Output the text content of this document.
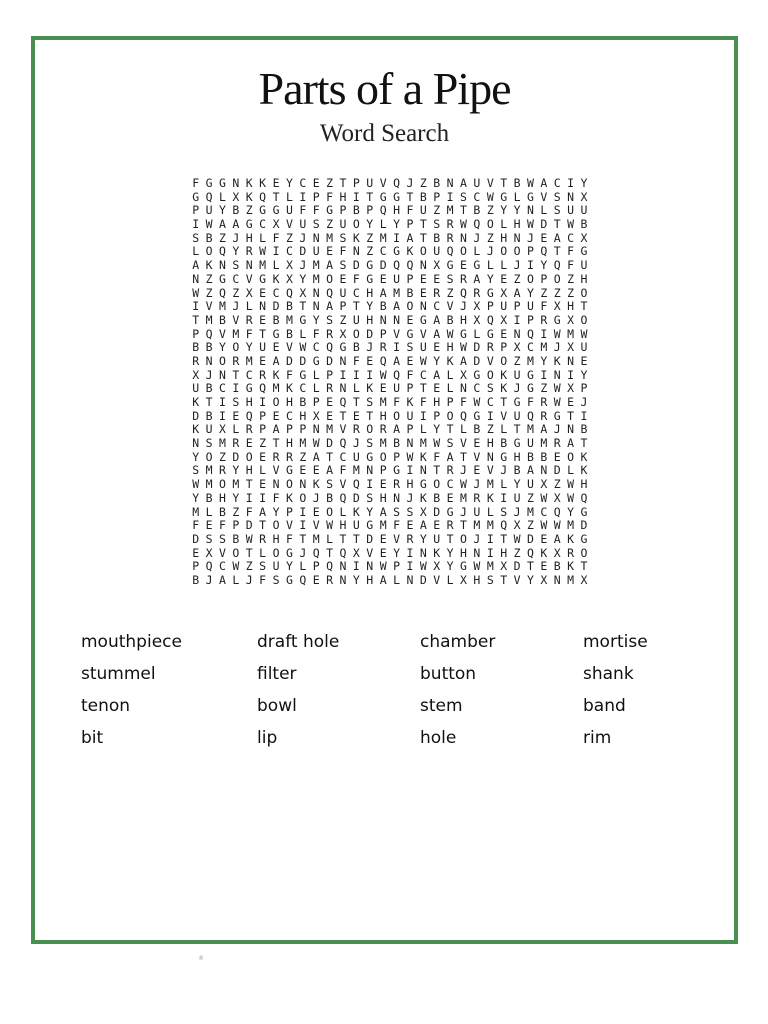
Parts of a Pipe
Word Search
F G G N K K E Y C E Z T P U V Q J Z B N A U V T B W A C I Y
G Q L X K Q T L I P F H I T G G T B P I S C W G L G V S N X
P U Y B Z G G U F F G P B P Q H F U Z M T B Z Y Y N L S U U
I W A A G C X V U S Z U O Y L Y P T S R W Q O L H W D T W B
S B Z J H L F Z J N M S K Z M I A T B R N J Z H N J E A C X
L O Q Y R W I C D U E F N Z C G K O U Q O L J O O P Q T F G
A K N S N M L X J M A S D G D Q Q N X G E G L L J I Y Q F U
N Z G C V G K X Y M O E F G E U P E E S R A Y E Z O P O Z H
W Z Q Z X E C Q X N Q U C H A M B E R Z Q R G X A Y Z Z Z O
I V M J L N D B T N A P T Y B A O N C V J X P U P U F X H T
T M B V R E B M G Y S Z U H N N E G A B H X Q X I P R G X O
P Q V M F T G B L F R X O D P V G V A W G L G E N Q I W M W
B B Y O Y U E V W C Q G B J R I S U E H W D R P X C M J X U
R N O R M E A D D G D N F E Q A E W Y K A D V O Z M Y K N E
X J N T C R K F G L P I I I W Q F C A L X G O K U G I N I Y
U B C I G Q M K C L R N L K E U P T E L N C S K J G Z W X P
K T I S H I O H B P E Q T S M F K F H P F W C T G F R W E J
D B I E Q P E C H X E T E T H O U I P O Q G I V U Q R G T I
K U X L R P A P P N M V R O R A P L Y T L B Z L T M A J N B
N S M R E Z T H M W D Q J S M B N M W S V E H B G U M R A T
Y O Z D O E R R Z A T C U G O P W K F A T V N G H B B E O K
S M R Y H L V G E E A F M N P G I N T R J E V J B A N D L K
W M O M T E N O N K S V Q I E R H G O C W J M L Y U X Z W H
Y B H Y I I F K O J B Q D S H N J K B E M R K I U Z W X W Q
M L B Z F A Y P I E O L K Y A S S X D G J U L S J M C Q Y G
F E F P D T O V I V W H U G M F E A E R T M M Q X Z W W M D
D S S B W R H F T M L T T D E V R Y U T O J I T W D E A K G
E X V O T L O G J Q T Q X V E Y I N K Y H N I H Z Q K X R O
P Q C W Z S U Y L P Q N I N W P I W X Y G W M X D T E B K T
B J A L J F S G Q E R N Y H A L N D V L X H S T V Y X N M X
mouthpiece	draft hole	chamber	mortise
stummel	filter	button	shank
tenon	bowl	stem	band
bit	lip	hole	rim
®
